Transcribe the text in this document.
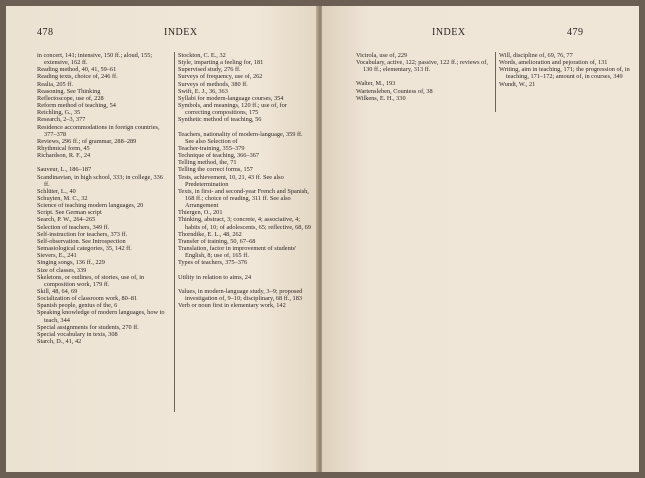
478	INDEX	INDEX	479
in concert, 141; intensive, 150 ff.; aloud, 155; extensive, 162 ff.
Reading method, 40, 41, 59–61
Reading texts, choice of, 246 ff.
Realia, 205 ff.
Reasoning. See Thinking
Reflectoscope, use of, 228
Reform method of teaching, 54
Reichling, G., 35
Research, 2–3, 377
Residence accommodations in foreign countries, 377–378
Reviews, 296 ff.; of grammar, 288–289
Rhythmical form, 45
Richardson, R. F., 24
Sauveur, L., 186–187
Scandinavian, in high school, 333; in college, 336 ff.
Schlüter, L., 40
Schuyten, M. C., 32
Science of teaching modern languages, 20
Script. See German script
Search, P. W., 264–265
Selection of teachers, 349 ff.
Self-instruction for teachers, 373 ff.
Self-observation. See Introspection
Semasiological categories, 35, 142 ff.
Sievers, E., 241
Singing songs, 136 ff., 229
Size of classes, 339
Skeletons, or outlines, of stories, use of, in composition work, 179 ff.
Skill, 48, 64, 69
Socialization of classroom work, 80–81
Spanish people, genius of the, 6
Speaking knowledge of modern languages, how to teach, 344
Special assignments for students, 270 ff.
Special vocabulary in texts, 308
Starch, D., 41, 42
Stockton, C. E., 32
Style, imparting a feeling for, 181
Supervised study, 276 ff.
Surveys of frequency, use of, 262
Surveys of methods, 380 ff.
Swift, E. J., 36, 363
Syllabi for modern-language courses, 354
Symbols, and meanings, 120 ff.; use of, for correcting compositions, 175
Synthetic method of teaching, 56
Teachers, nationality of modern-language, 359 ff. See also Selection of
Teacher-training, 355–379
Technique of teaching, 366–367
Telling method, the, 71
Telling the correct forms, 157
Tests, achievement, 10, 21, 43 ff. See also Predetermination
Texts, in first- and second-year French and Spanish, 168 ff.; choice of reading, 311 ff. See also Arrangement
Thiergen, O., 201
Thinking, abstract, 3; concrete, 4; associative, 4; habits of, 10; of adolescents, 65; reflective, 68, 69
Thorndike, E. L., 48, 262
Transfer of training, 50, 67–68
Translation, factor in improvement of students' English, 8; use of, 165 ff.
Types of teachers, 375–376
Utility in relation to aims, 24
Values, in modern-language study, 3–9; proposed investigation of, 9–10; disciplinary, 68 ff., 183
Verb or noun first in elementary work, 142
Victrola, use of, 229
Vocabulary, active, 122; passive, 122 ff.; reviews of, 130 ff.; elementary, 313 ff.
Walter, M., 193
Wartensleben, Countess of, 38
Wilkens, E. H., 330
Will, discipline of, 69, 76, 77
Words, amelioration and pejoration of, 131
Writing, aim in teaching, 171; the progression of, in teaching, 171–172; amount of, in courses, 349
Wundt, W., 21
